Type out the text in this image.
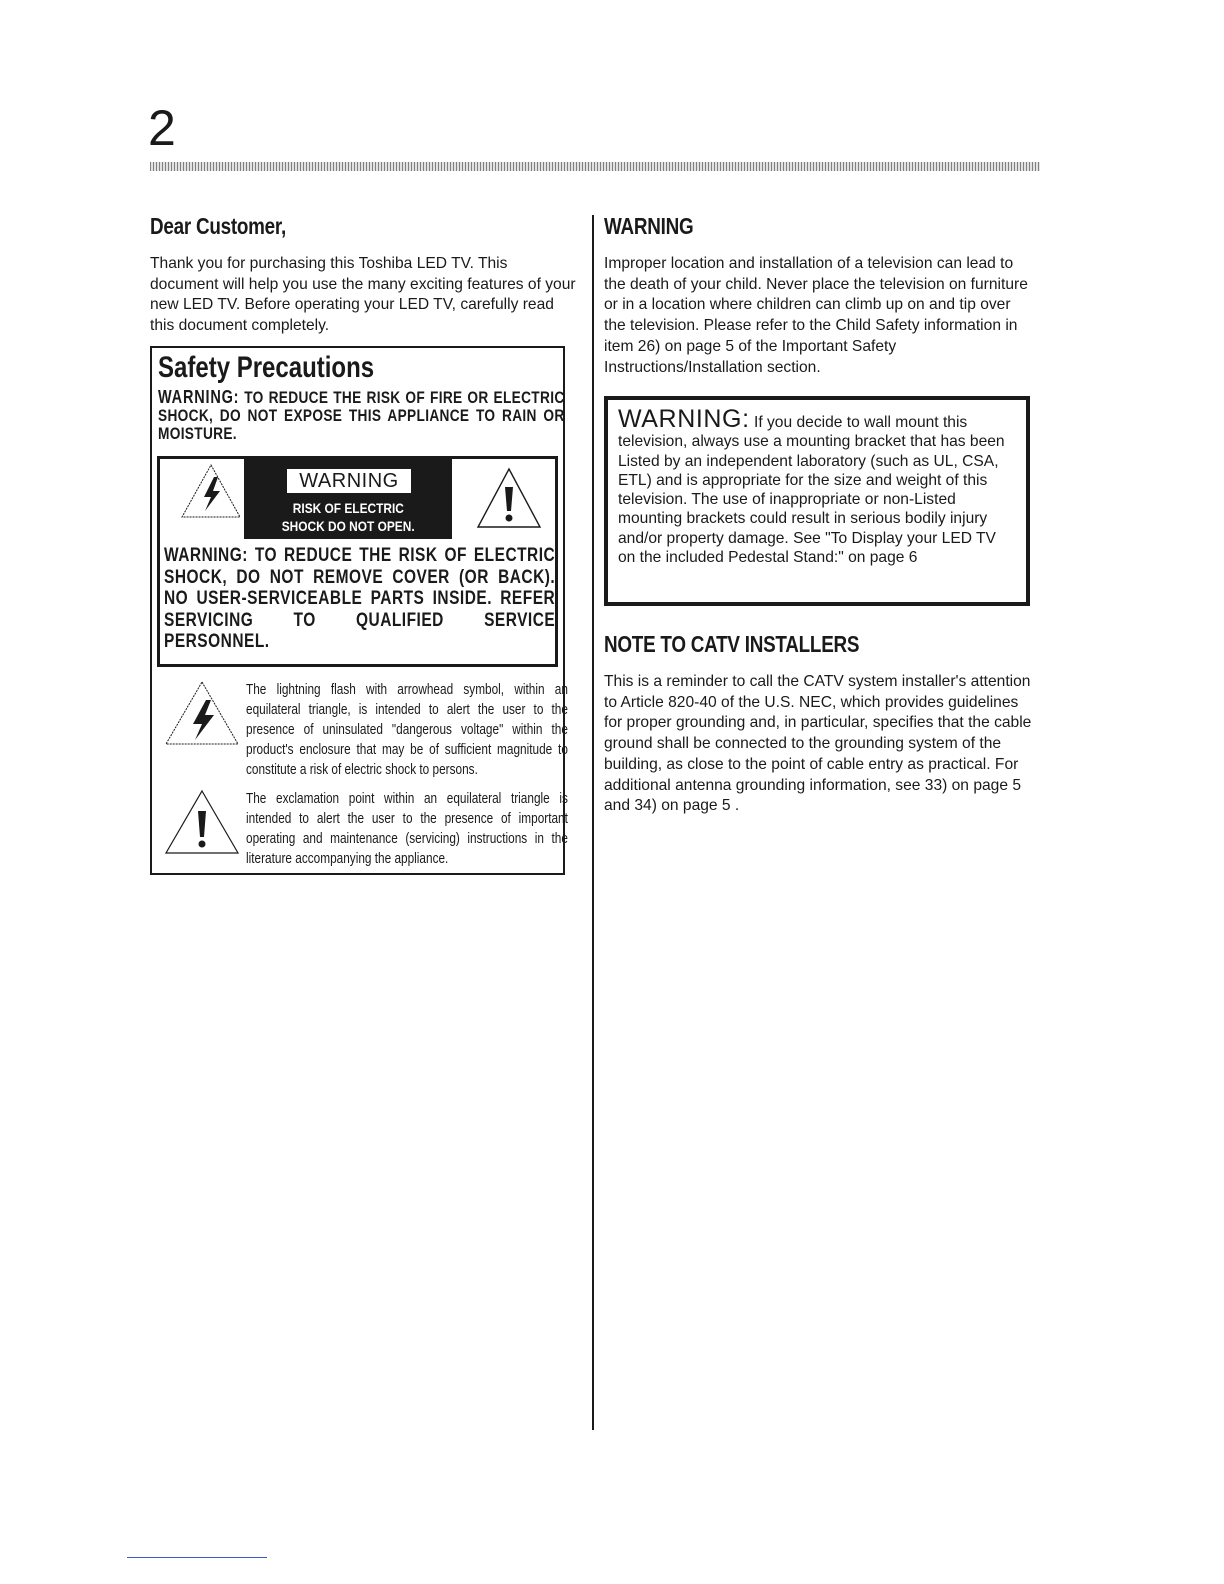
2
Dear Customer,

Thank you for purchasing this Toshiba LED TV. This document will help you use the many exciting features of your new LED TV. Before operating your LED TV, carefully read this document completely.

Safety Precautions
WARNING: TO REDUCE THE RISK OF FIRE OR ELECTRIC SHOCK, DO NOT EXPOSE THIS APPLIANCE TO RAIN OR MOISTURE.
WARNING
RISK OF ELECTRIC
SHOCK DO NOT OPEN.
WARNING: TO REDUCE THE RISK OF ELECTRIC SHOCK, DO NOT REMOVE COVER (OR BACK). NO USER-SERVICEABLE PARTS INSIDE. REFER SERVICING TO QUALIFIED SERVICE PERSONNEL.
The lightning flash with arrowhead symbol, within an equilateral triangle, is intended to alert the user to the presence of uninsulated "dangerous voltage" within the product's enclosure that may be of sufficient magnitude to constitute a risk of electric shock to persons.
The exclamation point within an equilateral triangle is intended to alert the user to the presence of important operating and maintenance (servicing) instructions in the literature accompanying the appliance.
WARNING

Improper location and installation of a television can lead to the death of your child. Never place the television on furniture or in a location where children can climb up on and tip over the television. Please refer to the Child Safety information in item 26) on page 5 of the Important Safety Instructions/Installation section.

WARNING: If you decide to wall mount this television, always use a mounting bracket that has been Listed by an independent laboratory (such as UL, CSA, ETL) and is appropriate for the size and weight of this television. The use of inappropriate or non-Listed mounting brackets could result in serious bodily injury and/or property damage. See "To Display your LED TV on the included Pedestal Stand:" on page 6

NOTE TO CATV INSTALLERS

This is a reminder to call the CATV system installer's attention to Article 820-40 of the U.S. NEC, which provides guidelines for proper grounding and, in particular, specifies that the cable ground shall be connected to the grounding system of the building, as close to the point of cable entry as practical. For additional antenna grounding information, see 33) on page 5 and 34) on page 5 .
